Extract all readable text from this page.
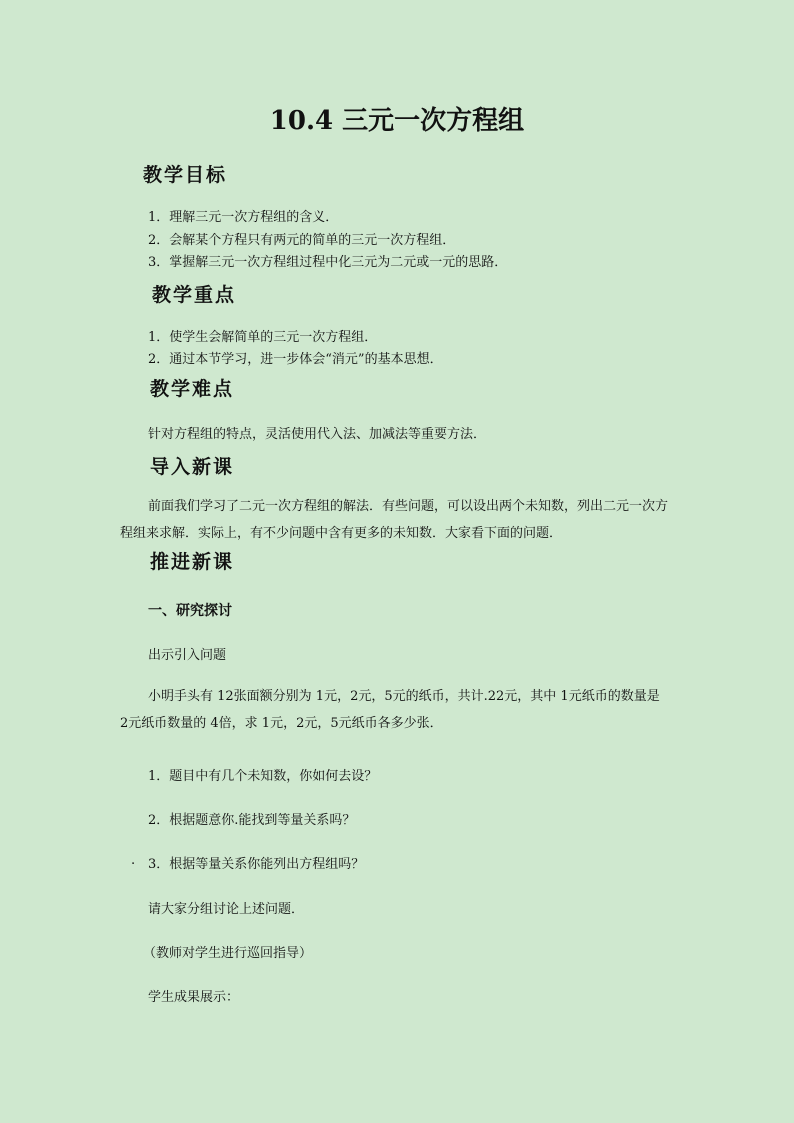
10.4 三元一次方程组
教学目标
1．理解三元一次方程组的含义．
2．会解某个方程只有两元的简单的三元一次方程组．
3．掌握解三元一次方程组过程中化三元为二元或一元的思路．
教学重点
1．使学生会解简单的三元一次方程组．
2．通过本节学习，进一步体会“消元”的基本思想．
教学难点
针对方程组的特点，灵活使用代入法、加减法等重要方法．
导入新课
前面我们学习了二元一次方程组的解法．有些问题，可以设出两个未知数，列出二元一次方程组来求解．实际上，有不少问题中含有更多的未知数．大家看下面的问题．
推进新课
一、研究探讨
出示引入问题
小明手头有 12张面额分别为 1元，2元，5元的纸币，共计.22元，其中 1元纸币的数量是 2元纸币数量的 4倍，求 1元，2元，5元纸币各多少张．
1．题目中有几个未知数，你如何去设？
2．根据题意你.能找到等量关系吗？
. 3．根据等量关系你能列出方程组吗？
请大家分组讨论上述问题．
（教师对学生进行巡回指导）
学生成果展示：
